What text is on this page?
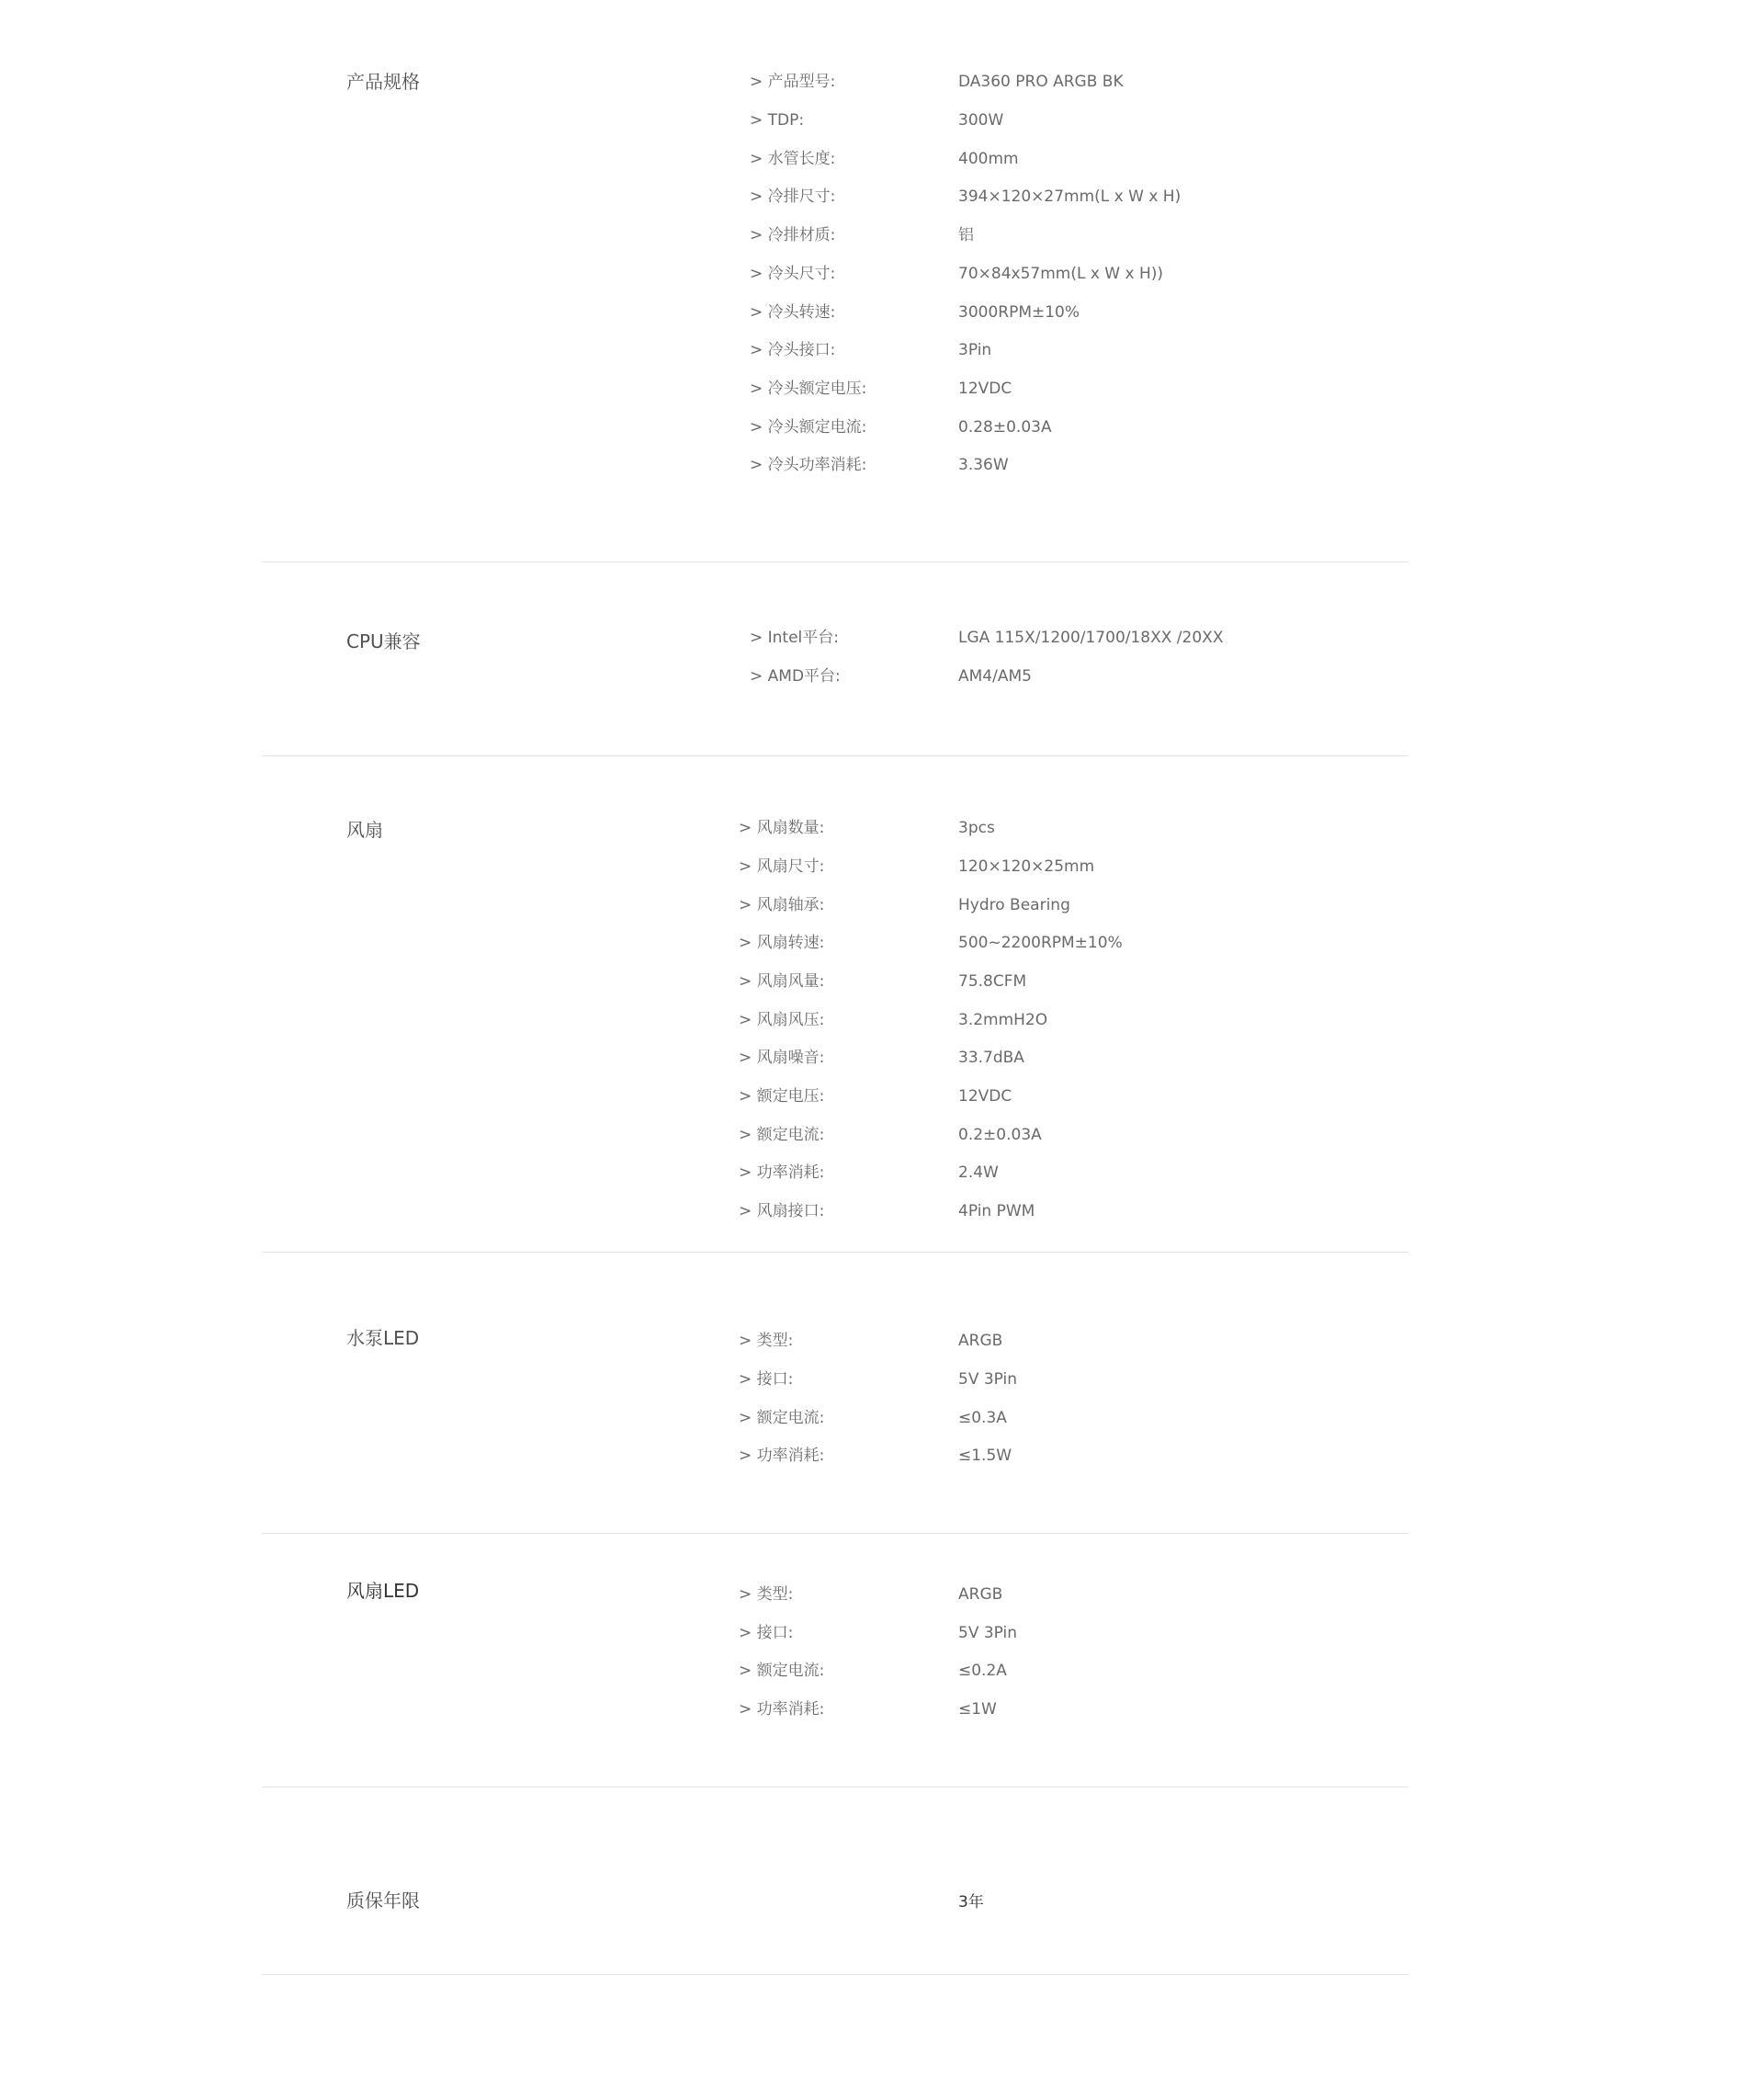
产品规格	> 产品型号:	DA360 PRO ARGB BK
> TDP:	300W
> 水管长度:	400mm
> 冷排尺寸:	394×120×27mm(L x W x H)
> 冷排材质:	铝
> 冷头尺寸:	70×84x57mm(L x W x H))
> 冷头转速:	3000RPM±10%
> 冷头接口:	3Pin
> 冷头额定电压:	12VDC
> 冷头额定电流:	0.28±0.03A
> 冷头功率消耗:	3.36W
CPU兼容	> Intel平台:	LGA 115X/1200/1700/18XX /20XX
> AMD平台:	AM4/AM5
风扇	> 风扇数量:	3pcs
> 风扇尺寸:	120×120×25mm
> 风扇轴承:	Hydro Bearing
> 风扇转速:	500~2200RPM±10%
> 风扇风量:	75.8CFM
> 风扇风压:	3.2mmH2O
> 风扇噪音:	33.7dBA
> 额定电压:	12VDC
> 额定电流:	0.2±0.03A
> 功率消耗:	2.4W
> 风扇接口:	4Pin PWM
水泵LED	> 类型:	ARGB
> 接口:	5V 3Pin
> 额定电流:	≤0.3A
> 功率消耗:	≤1.5W
风扇LED	> 类型:	ARGB
> 接口:	5V 3Pin
> 额定电流:	≤0.2A
> 功率消耗:	≤1W
质保年限	3年
